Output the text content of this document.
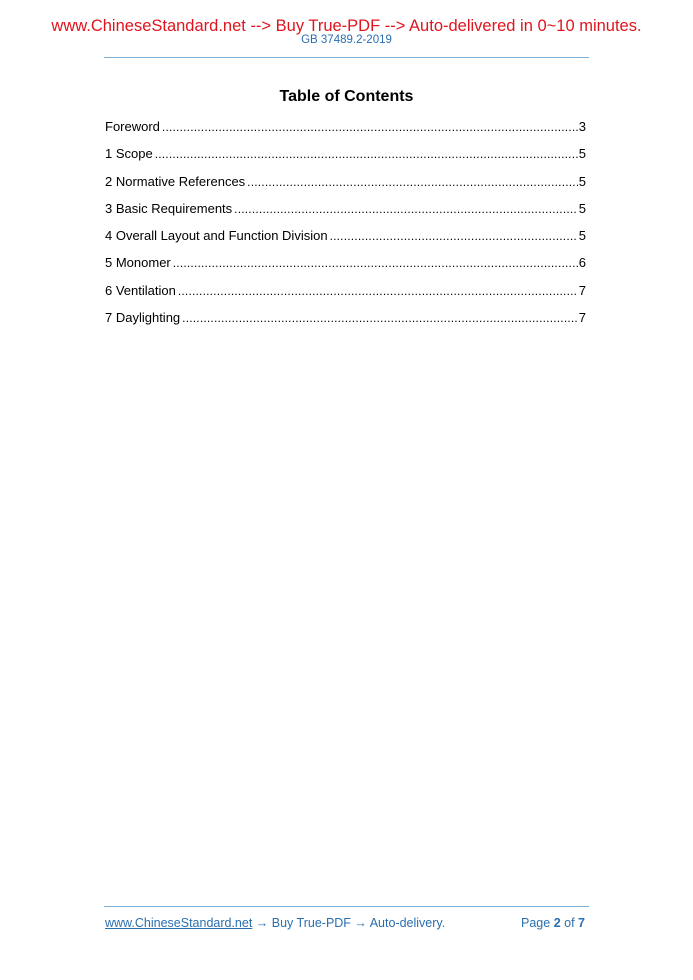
www.ChineseStandard.net --> Buy True-PDF --> Auto-delivered in 0~10 minutes.
GB 37489.2-2019
Table of Contents
Foreword .....	3
1 Scope .....	5
2 Normative References .....	5
3 Basic Requirements .....	5
4 Overall Layout and Function Division .....	5
5 Monomer .....	6
6 Ventilation .....	7
7 Daylighting .....	7
www.ChineseStandard.net → Buy True-PDF → Auto-delivery.	Page 2 of 7
